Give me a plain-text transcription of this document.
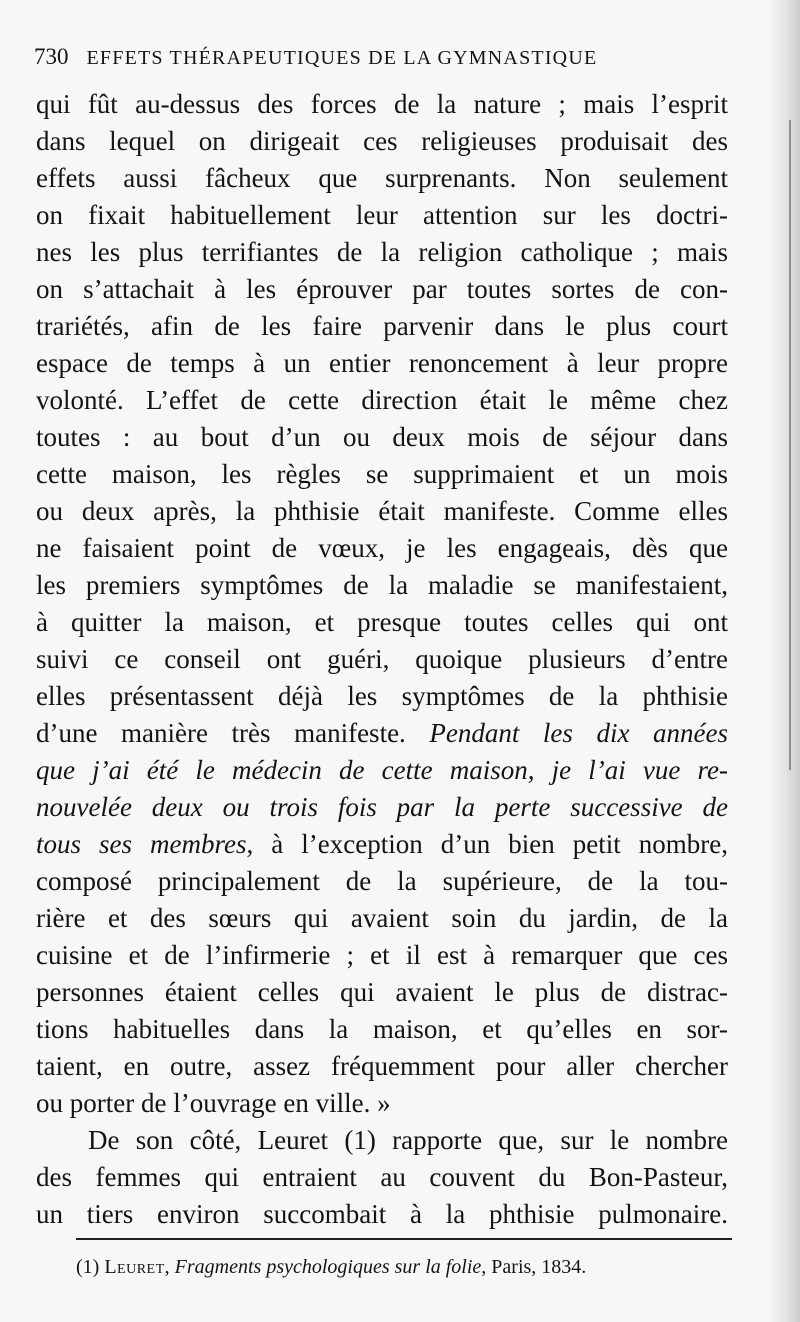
730 EFFETS THÉRAPEUTIQUES DE LA GYMNASTIQUE
qui fût au-dessus des forces de la nature ; mais l’esprit
dans lequel on dirigeait ces religieuses produisait des
effets aussi fâcheux que surprenants. Non seulement
on fixait habituellement leur attention sur les doctri-
nes les plus terrifiantes de la religion catholique ; mais
on s’attachait à les éprouver par toutes sortes de con-
trariétés, afin de les faire parvenir dans le plus court
espace de temps à un entier renoncement à leur propre
volonté. L’effet de cette direction était le même chez
toutes : au bout d’un ou deux mois de séjour dans
cette maison, les règles se supprimaient et un mois
ou deux après, la phthisie était manifeste. Comme elles
ne faisaient point de vœux, je les engageais, dès que
les premiers symptômes de la maladie se manifestaient,
à quitter la maison, et presque toutes celles qui ont
suivi ce conseil ont guéri, quoique plusieurs d’entre
elles présentassent déjà les symptômes de la phthisie
d’une manière très manifeste. Pendant les dix années
que j’ai été le médecin de cette maison, je l’ai vue re-
nouvelée deux ou trois fois par la perte successive de
tous ses membres, à l’exception d’un bien petit nombre,
composé principalement de la supérieure, de la tou-
rière et des sœurs qui avaient soin du jardin, de la
cuisine et de l’infirmerie ; et il est à remarquer que ces
personnes étaient celles qui avaient le plus de distrac-
tions habituelles dans la maison, et qu’elles en sor-
taient, en outre, assez fréquemment pour aller chercher
ou porter de l’ouvrage en ville. »
De son côté, Leuret (1) rapporte que, sur le nombre
des femmes qui entraient au couvent du Bon-Pasteur,
un tiers environ succombait à la phthisie pulmonaire.
(1) Leuret, Fragments psychologiques sur la folie, Paris, 1834.
